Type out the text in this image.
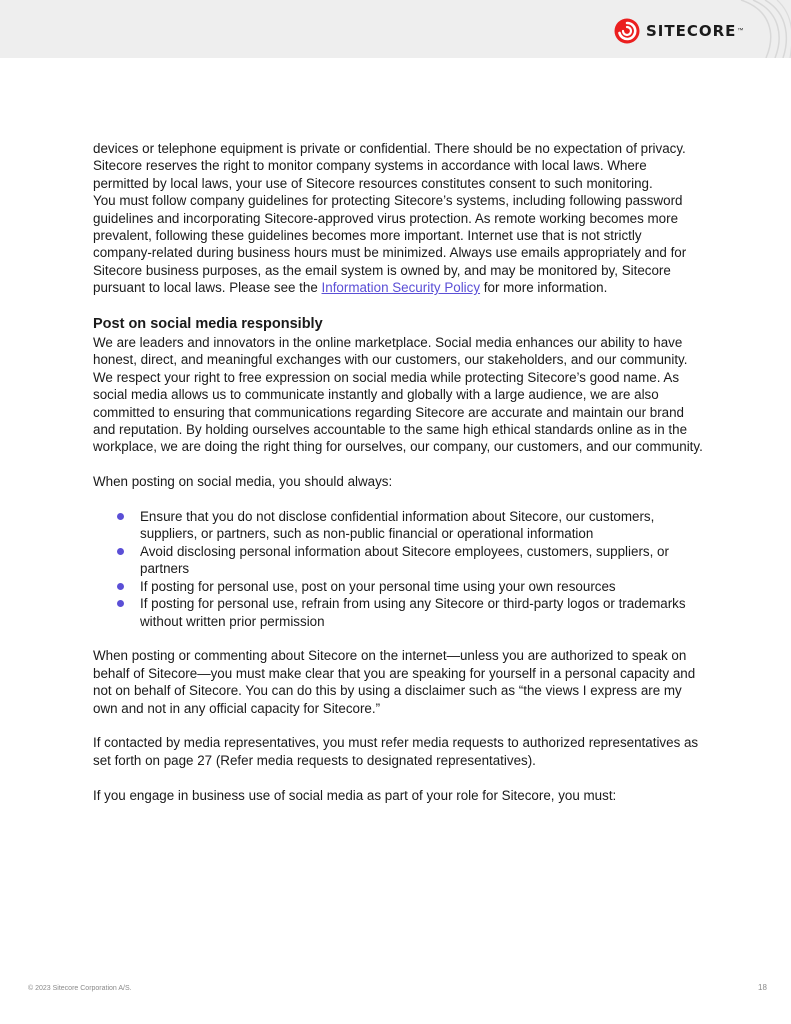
SITECORE ™

devices or telephone equipment is private or confidential. There should be no expectation of privacy. Sitecore reserves the right to monitor company systems in accordance with local laws. Where permitted by local laws, your use of Sitecore resources constitutes consent to such monitoring.

You must follow company guidelines for protecting Sitecore’s systems, including following password guidelines and incorporating Sitecore-approved virus protection. As remote working becomes more prevalent, following these guidelines becomes more important. Internet use that is not strictly company-related during business hours must be minimized. Always use emails appropriately and for Sitecore business purposes, as the email system is owned by, and may be monitored by, Sitecore pursuant to local laws. Please see the Information Security Policy for more information.

Post on social media responsibly

We are leaders and innovators in the online marketplace. Social media enhances our ability to have honest, direct, and meaningful exchanges with our customers, our stakeholders, and our community. We respect your right to free expression on social media while protecting Sitecore’s good name. As social media allows us to communicate instantly and globally with a large audience, we are also committed to ensuring that communications regarding Sitecore are accurate and maintain our brand and reputation. By holding ourselves accountable to the same high ethical standards online as in the workplace, we are doing the right thing for ourselves, our company, our customers, and our community.

When posting on social media, you should always:

Ensure that you do not disclose confidential information about Sitecore, our customers, suppliers, or partners, such as non-public financial or operational information
Avoid disclosing personal information about Sitecore employees, customers, suppliers, or partners
If posting for personal use, post on your personal time using your own resources
If posting for personal use, refrain from using any Sitecore or third-party logos or trademarks without written prior permission

When posting or commenting about Sitecore on the internet—unless you are authorized to speak on behalf of Sitecore—you must make clear that you are speaking for yourself in a personal capacity and not on behalf of Sitecore. You can do this by using a disclaimer such as “the views I express are my own and not in any official capacity for Sitecore.”

If contacted by media representatives, you must refer media requests to authorized representatives as set forth on page 27 (Refer media requests to designated representatives).

If you engage in business use of social media as part of your role for Sitecore, you must:

© 2023 Sitecore Corporation A/S.	18
